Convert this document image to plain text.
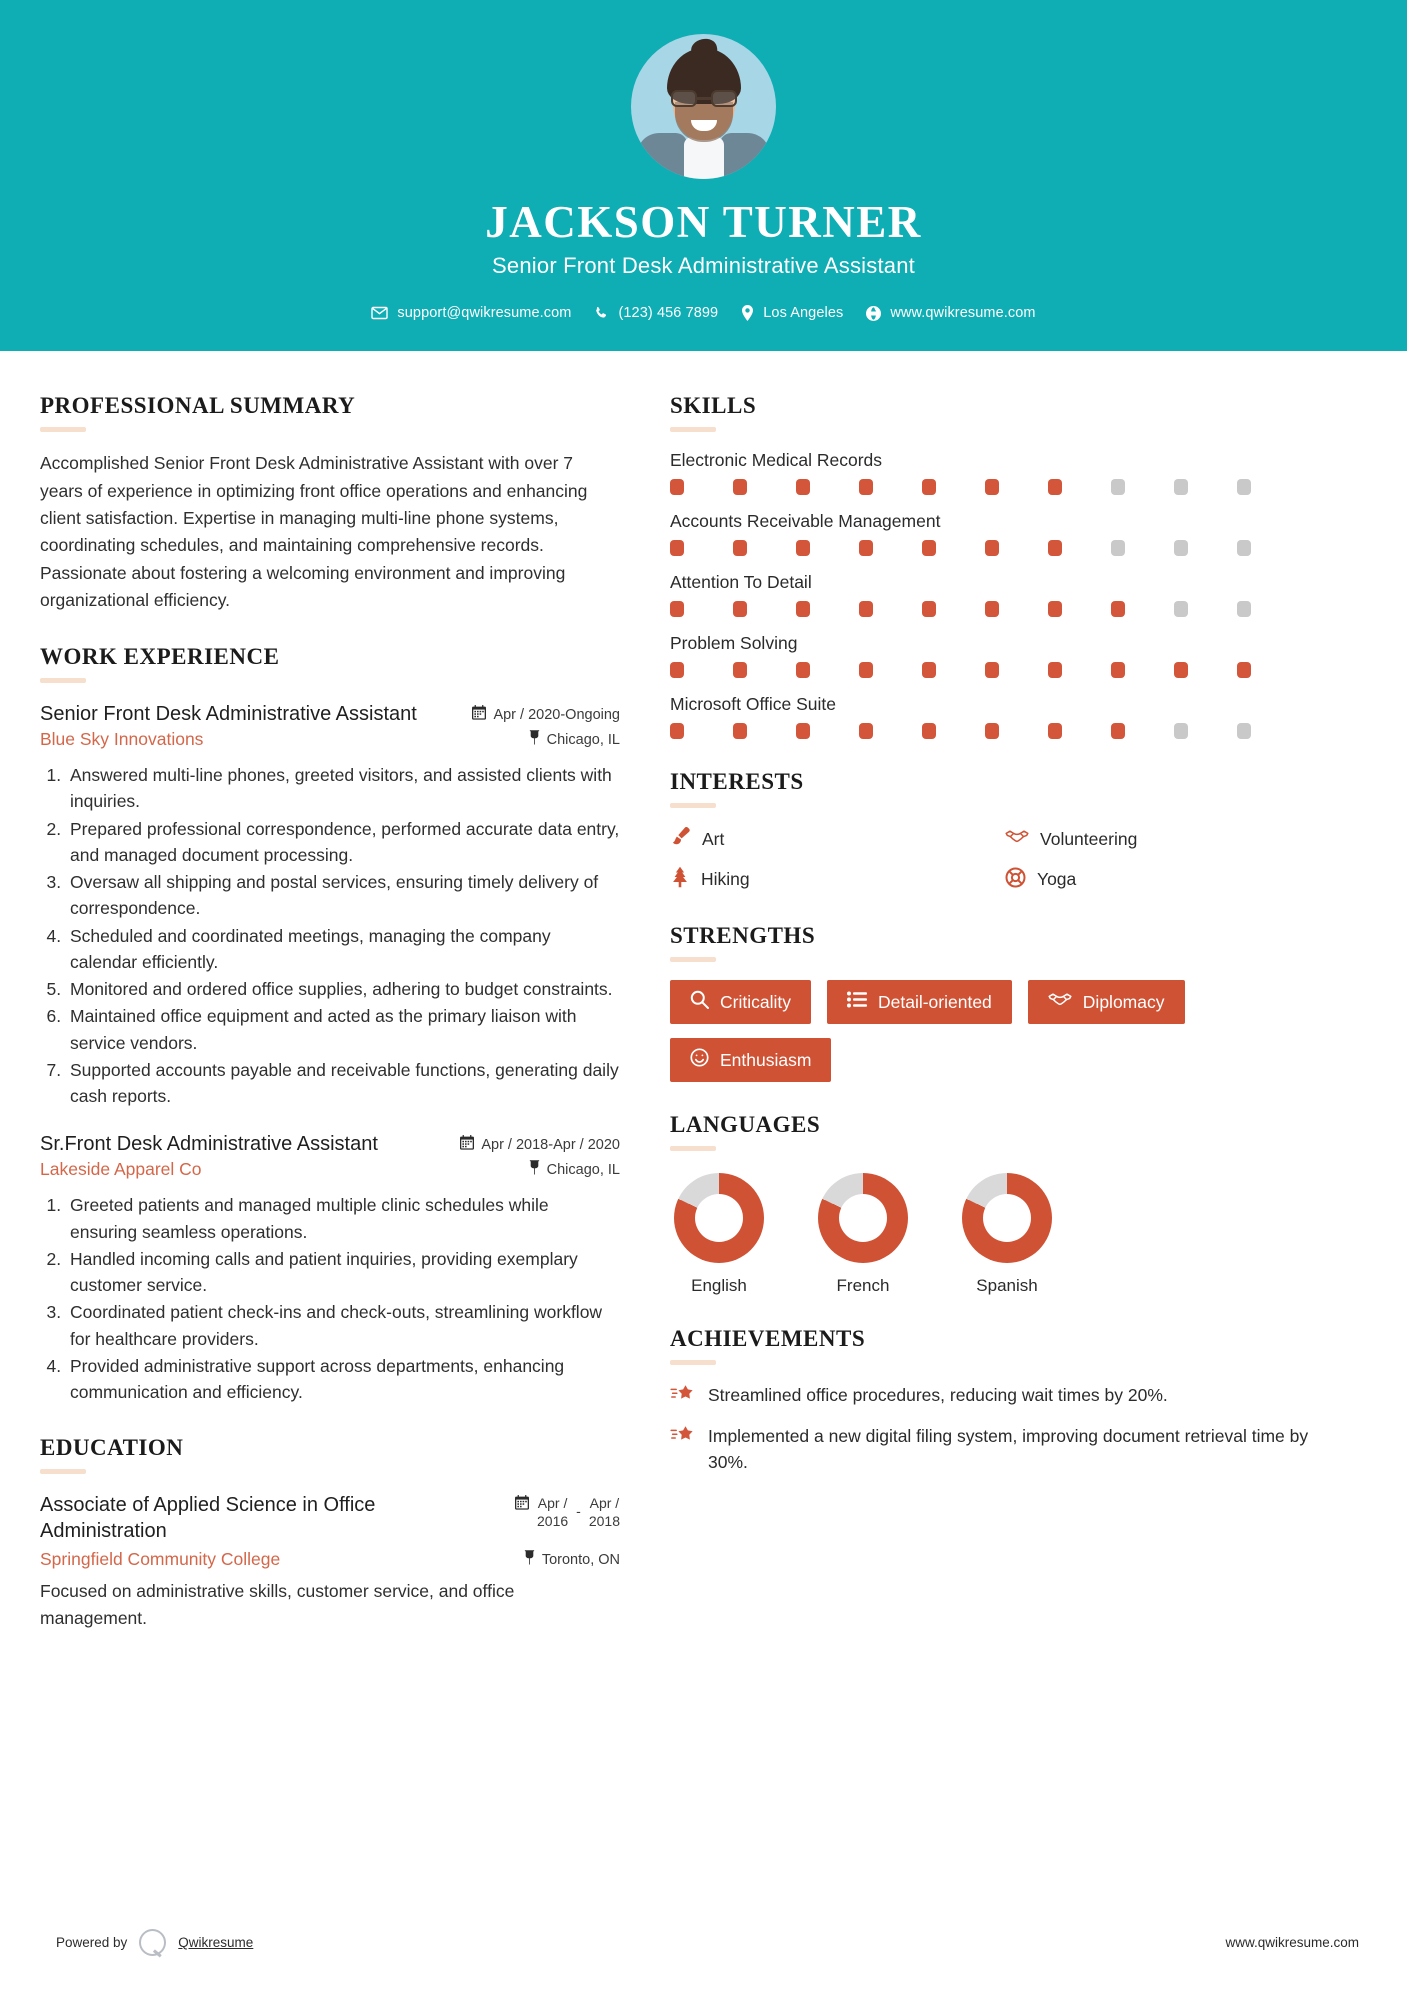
JACKSON TURNER
Senior Front Desk Administrative Assistant
support@qwikresume.com	(123) 456 7899	Los Angeles	www.qwikresume.com
PROFESSIONAL SUMMARY
Accomplished Senior Front Desk Administrative Assistant with over 7 years of experience in optimizing front office operations and enhancing client satisfaction. Expertise in managing multi-line phone systems, coordinating schedules, and maintaining comprehensive records. Passionate about fostering a welcoming environment and improving organizational efficiency.
WORK EXPERIENCE
Senior Front Desk Administrative Assistant	Apr / 2020-Ongoing
Blue Sky Innovations	Chicago, IL
1. Answered multi-line phones, greeted visitors, and assisted clients with inquiries.
2. Prepared professional correspondence, performed accurate data entry, and managed document processing.
3. Oversaw all shipping and postal services, ensuring timely delivery of correspondence.
4. Scheduled and coordinated meetings, managing the company calendar efficiently.
5. Monitored and ordered office supplies, adhering to budget constraints.
6. Maintained office equipment and acted as the primary liaison with service vendors.
7. Supported accounts payable and receivable functions, generating daily cash reports.
Sr.Front Desk Administrative Assistant	Apr / 2018-Apr / 2020
Lakeside Apparel Co	Chicago, IL
1. Greeted patients and managed multiple clinic schedules while ensuring seamless operations.
2. Handled incoming calls and patient inquiries, providing exemplary customer service.
3. Coordinated patient check-ins and check-outs, streamlining workflow for healthcare providers.
4. Provided administrative support across departments, enhancing communication and efficiency.
EDUCATION
Associate of Applied Science in Office Administration
Apr /
2016
- Apr /
2018
Springfield Community College	Toronto, ON
Focused on administrative skills, customer service, and office management.
SKILLS
Electronic Medical Records
Accounts Receivable Management
Attention To Detail
Problem Solving
Microsoft Office Suite
INTERESTS
Art	Volunteering
Hiking	Yoga
STRENGTHS
Criticality	Detail-oriented	Diplomacy
Enthusiasm
LANGUAGES
English	French	Spanish
ACHIEVEMENTS
Streamlined office procedures, reducing wait times by 20%.
Implemented a new digital filing system, improving document retrieval time by 30%.
Powered by	Qwikresume	www.qwikresume.com
